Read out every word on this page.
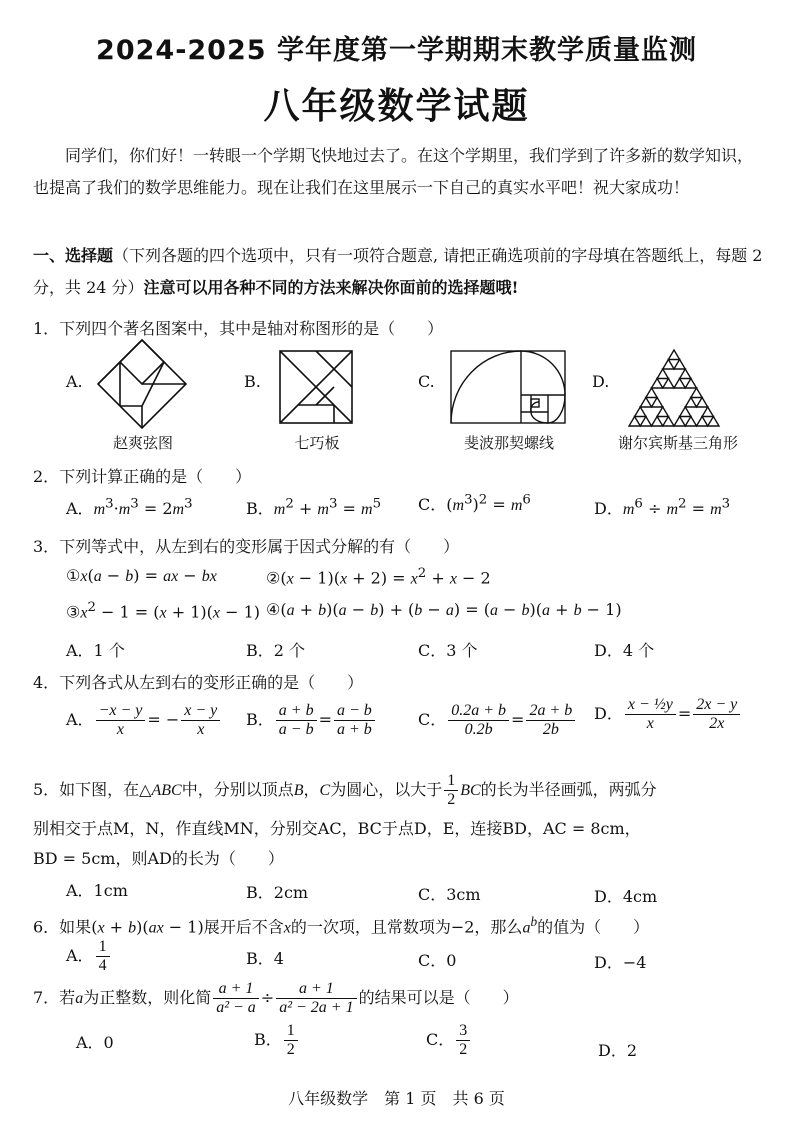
2024-2025 学年度第一学期期末教学质量监测
八年级数学试题
同学们，你们好！一转眼一个学期飞快地过去了。在这个学期里，我们学到了许多新的数学知识，也提高了我们的数学思维能力。现在让我们在这里展示一下自己的真实水平吧！祝大家成功！
一、选择题（下列各题的四个选项中，只有一项符合题意, 请把正确选项前的字母填在答题纸上，每题 2 分，共 24 分）注意可以用各种不同的方法来解决你面前的选择题哦!
1．下列四个著名图案中，其中是轴对称图形的是（　　）
A.	B.	C.	D.
赵爽弦图	七巧板	斐波那契螺线	谢尔宾斯基三角形
2．下列计算正确的是（　　）
A．$m^3\cdot m^3 = 2m^3$	B．$m^2 + m^3 = m^5$ C．$(m^3)^2 = m^6$	D．$m^6 \div m^2 = m^3$
3．下列等式中，从左到右的变形属于因式分解的有（　　）
①x(a − b) = ax − bx	②(x − $1)(x + 2) = x^2 + x - 2$
$③x^2 - 1 = (x + 1)(x - 1)$ ④(a + b)(a − b) + (b − a) = (a − b)(a + b − 1)
A．1 个	B．2 个	C．3 个	D．4 个
4．下列各式从左到右的变形正确的是（　　）
A． $\frac{-x - y}{x}$ = − $\frac{x - y}{x}$ B． $\frac{a + b}{a - b} = \frac{a - b}{a + b}$	C． $\frac{0.2a + b}{0.2b} = \frac{2a + b}{2b}$ D． $\frac{\text{x − ½y}}{x} = \frac{2x - y}{2x}$
5．如下图，在△ABC中，分别以顶点B，C为圆心，以大于 $\frac{1}{2}$ BC的长为半径画弧，两弧分
别相交于点M，N，作直线MN，分别交AC，BC于点D，E，连接BD，AC = 8cm，
BD = 5cm，则AD的长为（　　）
A．1cm	B．2cm	C．3cm	D．4cm
6．如果(x + b)(ax − 1)展开后不含x的一次项，且常数项为−2，那么$a^b$的值为（　　）
A． $\frac{1}{4}$	B．4	C．0	D．−4
7．若a为正整数，则化简 $\frac{a + 1}{\text{a² − a}} \div \frac{a + 1}{\text{a² − 2a + 1}}$ 的结果可以是（　　）
A．0	B． $\frac{1}{2}$	C． $\frac{3}{2}$	D．2
八年级数学　第 1 页　共 6 页
